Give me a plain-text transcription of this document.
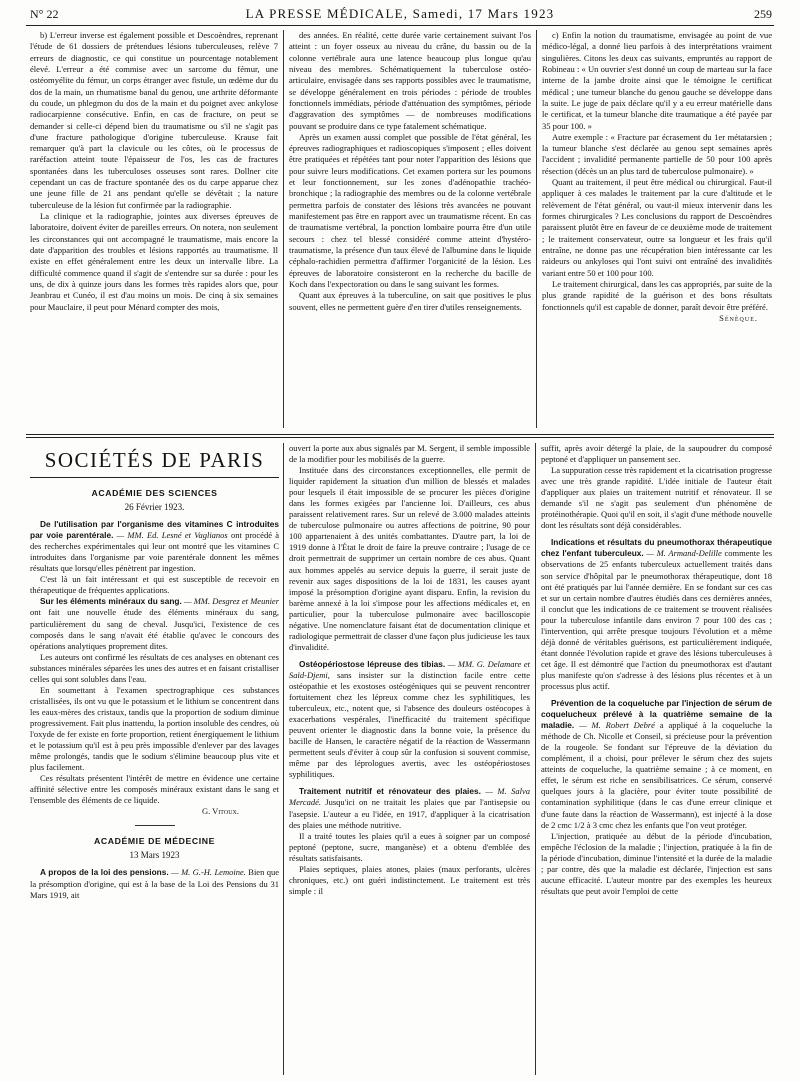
N° 22	LA PRESSE MÉDICALE, Samedi, 17 Mars 1923	259

b) L'erreur inverse est également possible et Descoèndres, reprenant l'étude de 61 dossiers de prétendues lésions tuberculeuses, relève 7 erreurs de diagnostic, ce qui constitue un pourcentage notablement élevé. L'erreur a été commise avec un sarcome du fémur, une ostéomyélite du fémur, un corps étranger avec fistule, un œdème dur du dos de la main, un rhumatisme banal du genou, une arthrite déformante du coude, un phlegmon du dos de la main et du poignet avec ankylose radiocarpienne consécutive. Enfin, en cas de fracture, on peut se demander si celle-ci dépend bien du traumatisme ou s'il ne s'agit pas d'une fracture pathologique d'origine tuberculeuse. Krause fait remarquer qu'à part la clavicule ou les côtes, où le processus de raréfaction atteint toute l'épaisseur de l'os, les cas de fractures spontanées dans les tuberculoses osseuses sont rares. Dollner cite cependant un cas de fracture spontanée des os du carpe apparue chez une jeune fille de 21 ans pendant qu'elle se dévêtait ; la nature tuberculeuse de la lésion fut confirmée par la radiographie.

La clinique et la radiographie, jointes aux diverses épreuves de laboratoire, doivent éviter de pareilles erreurs. On notera, non seulement les circonstances qui ont accompagné le traumatisme, mais encore la date d'apparition des troubles et lésions rapportés au traumatisme. Il existe en effet généralement entre les deux un intervalle libre. La difficulté commence quand il s'agit de s'entendre sur sa durée : pour les uns, de dix à quinze jours dans les formes très rapides alors que, pour Jeanbrau et Cunéo, il est d'au moins un mois. De cinq à six semaines pour Mauclaire, il peut pour Ménard compter des mois,

des années. En réalité, cette durée varie certainement suivant l'os atteint : un foyer osseux au niveau du crâne, du bassin ou de la colonne vertébrale aura une latence beaucoup plus longue qu'au niveau des membres. Schématiquement la tuberculose ostéo-articulaire, envisagée dans ses rapports possibles avec le traumatisme, se développe généralement en trois périodes : période de troubles fonctionnels immédiats, période d'atténuation des symptômes, période d'aggravation des symptômes — de nombreuses modifications pouvant se produire dans ce type fatalement schématique.

Après un examen aussi complet que possible de l'état général, les épreuves radiographiques et radioscopiques s'imposent ; elles doivent être pratiquées et répétées tant pour noter l'apparition des lésions que pour suivre leurs modifications. Cet examen portera sur les poumons et leur fonctionnement, sur les zones d'adénopathie trachéo-bronchique ; la radiographie des membres ou de la colonne vertébrale permettra parfois de constater des lésions très avancées ne pouvant manifestement pas être en rapport avec un traumatisme récent. En cas de traumatisme vertébral, la ponction lombaire pourra être d'un utile secours : chez tel blessé considéré comme atteint d'hystéro-traumatisme, la présence d'un taux élevé de l'albumine dans le liquide céphalo-rachidien permettra d'affirmer l'organicité de la lésion. Les épreuves de laboratoire consisteront en la recherche du bacille de Koch dans l'expectoration ou dans le sang suivant les formes.

Quant aux épreuves à la tuberculine, on sait que positives le plus souvent, elles ne permettent guère d'en tirer d'utiles renseignements.

c) Enfin la notion du traumatisme, envisagée au point de vue médico-légal, a donné lieu parfois à des interprétations vraiment singulières. Citons les deux cas suivants, empruntés au rapport de Robineau : « Un ouvrier s'est donné un coup de marteau sur la face interne de la jambe droite ainsi que le témoigne le certificat médical ; une tumeur blanche du genou gauche se développe dans la suite. Le juge de paix déclare qu'il y a eu erreur matérielle dans le certificat, et la tumeur blanche dite traumatique a été payée par 35 pour 100. »

Autre exemple : « Fracture par écrasement du 1er métatarsien ; la tumeur blanche s'est déclarée au genou sept semaines après l'accident ; invalidité permanente partielle de 50 pour 100 après résection (décès un an plus tard de tuberculose pulmonaire). »

Quant au traitement, il peut être médical ou chirurgical. Faut-il appliquer à ces malades le traitement par la cure d'altitude et le relèvement de l'état général, ou vaut-il mieux intervenir dans les formes chirurgicales ? Les conclusions du rapport de Descoèndres paraissent plutôt être en faveur de ce deuxième mode de traitement ; le traitement conservateur, outre sa longueur et les frais qu'il entraîne, ne donne pas une récupération bien intéressante car les raideurs ou ankyloses qui l'ont suivi ont entraîné des invalidités variant entre 50 et 100 pour 100.

Le traitement chirurgical, dans les cas appropriés, par suite de la plus grande rapidité de la guérison et des bons résultats fonctionnels qu'il est capable de donner, paraît devoir être préféré.

Sénèque.
SOCIÉTÉS DE PARIS
ACADÉMIE DES SCIENCES
26 Février 1923.

De l'utilisation par l'organisme des vitamines C introduites par voie parentérale. — MM. Ed. Lesné et Vaglianos ont procédé à des recherches expérimentales qui leur ont montré que les vitamines C introduites dans l'organisme par voie parentérale donnent les mêmes résultats que lorsqu'elles pénètrent par ingestion.

C'est là un fait intéressant et qui est susceptible de recevoir en thérapeutique de fréquentes applications.

Sur les éléments minéraux du sang. — MM. Desgrez et Meunier ont fait une nouvelle étude des éléments minéraux du sang, particulièrement du sang de cheval. Jusqu'ici, l'existence de ces composés dans le sang n'avait été établie qu'avec le concours des opérations analytiques proprement dites.

Les auteurs ont confirmé les résultats de ces analyses en obtenant ces substances minérales séparées les unes des autres et en faisant cristalliser celles qui sont solubles dans l'eau.

En soumettant à l'examen spectrographique ces substances cristallisées, ils ont vu que le potassium et le lithium se concentrent dans les eaux-mères des cristaux, tandis que la proportion de sodium diminue progressivement. Fait plus inattendu, la portion insoluble des cendres, où l'oxyde de fer existe en forte proportion, retient énergiquement le lithium et le potassium qu'il est à peu près impossible d'enlever par des lavages même prolongés, tandis que le sodium s'élimine beaucoup plus vite et plus facilement.

Ces résultats présentent l'intérêt de mettre en évidence une certaine affinité sélective entre les composés minéraux existant dans le sang et l'ensemble des éléments de ce liquide.

G. Vitoux.
ACADÉMIE DE MÉDECINE
13 Mars 1923

A propos de la loi des pensions. — M. G.-H. Lemoine. Bien que la présomption d'origine, qui est à la base de la Loi des Pensions du 31 Mars 1919, ait

ouvert la porte aux abus signalés par M. Sergent, il semble impossible de la modifier pour les mobilisés de la guerre.

Instituée dans des circonstances exceptionnelles, elle permit de liquider rapidement la situation d'un million de blessés et malades pour lesquels il était impossible de se procurer les pièces d'origine dans les formes exigées par l'ancienne loi. D'ailleurs, ces abus paraissent relativement rares. Sur un relevé de 3.000 malades atteints de tuberculose pulmonaire ou autres affections de poitrine, 90 pour 100 appartenaient à des unités combattantes. D'autre part, la loi de 1919 donne à l'État le droit de faire la preuve contraire ; l'usage de ce droit permettrait de supprimer un certain nombre de ces abus. Quant aux hommes appelés au service depuis la guerre, il serait juste de revenir aux sages dispositions de la loi de 1831, les causes ayant imposé la présomption d'origine ayant disparu. Enfin, la revision du barème annexé à la loi s'impose pour les affections médicales et, en particulier, pour la tuberculose pulmonaire avec bacilloscopie négative. Une nomenclature faisant état de documentation clinique et radiologique permettrait de classer d'une façon plus judicieuse les taux d'invalidité.

Ostéopériostose lépreuse des tibias. — MM. G. Delamare et Saïd-Djemi, sans insister sur la distinction facile entre cette ostéopathie et les exostoses ostéogéniques qui se peuvent rencontrer fortuitement chez les lépreux comme chez les syphilitiques, les tuberculeux, etc., notent que, si l'absence des douleurs ostéocopes à exacerbations vespérales, l'inefficacité du traitement spécifique peuvent orienter le diagnostic dans la bonne voie, la présence du bacille de Hansen, le caractère négatif de la réaction de Wassermann permettent seuls d'éviter à coup sûr la confusion si souvent commise, même par des léprologues avertis, avec les ostéopériostoses syphilitiques.

Traitement nutritif et rénovateur des plaies. — M. Salva Mercadé. Jusqu'ici on ne traitait les plaies que par l'antisepsie ou l'asepsie. L'auteur a eu l'idée, en 1917, d'appliquer à la cicatrisation des plaies une méthode nutritive.

Il a traité toutes les plaies qu'il a eues à soigner par un composé peptoné (peptone, sucre, manganèse) et a obtenu d'emblée des résultats satisfaisants.

Plaies septiques, plaies atones, plaies (maux perforants, ulcères chroniques, etc.) ont guéri indistinctement. Le traitement est très simple : il

suffit, après avoir détergé la plaie, de la saupoudrer du composé peptoné et d'appliquer un pansement sec.

La suppuration cesse très rapidement et la cicatrisation progresse avec une très grande rapidité. L'idée initiale de l'auteur était d'appliquer aux plaies un traitement nutritif et rénovateur. Il se demande s'il ne s'agit pas seulement d'un phénomène de protéinothérapie. Quoi qu'il en soit, il s'agit d'une méthode nouvelle dont les résultats sont déjà considérables.

Indications et résultats du pneumothorax thérapeutique chez l'enfant tuberculeux. — M. Armand-Delille commente les observations de 25 enfants tuberculeux actuellement traités dans son service d'hôpital par le pneumothorax thérapeutique, dont 18 ont été pratiqués par lui l'année dernière. En se fondant sur ces cas et sur un certain nombre d'autres étudiés dans ces dernières années, il conclut que les indications de ce traitement se trouvent réalisées pour la tuberculose infantile dans environ 7 pour 100 des cas ; l'intervention, qui arrête presque toujours l'évolution et a même déjà donné de véritables guérisons, est particulièrement indiquée, étant donnée l'évolution rapide et grave des lésions tuberculeuses à cet âge. Il est démontré que l'action du pneumothorax est d'autant plus manifeste qu'on s'adresse à des lésions plus récentes et à un processus plus actif.

Prévention de la coqueluche par l'injection de sérum de coquelucheux prélevé à la quatrième semaine de la maladie. — M. Robert Debré a appliqué à la coqueluche la méthode de Ch. Nicolle et Conseil, si précieuse pour la prévention de la rougeole. Se fondant sur l'épreuve de la déviation du complément, il a choisi, pour prélever le sérum chez des sujets atteints de coqueluche, la quatrième semaine ; à ce moment, en effet, le sérum est riche en sensibilisatrices. Ce sérum, conservé quelques jours à la glacière, pour éviter toute possibilité de contamination syphilitique (dans le cas d'une erreur clinique et d'une faute dans la réaction de Wassermann), est injecté à la dose de 2 cmc 1/2 à 3 cmc chez les enfants que l'on veut protéger.

L'injection, pratiquée au début de la période d'incubation, empêche l'éclosion de la maladie ; l'injection, pratiquée à la fin de la période d'incubation, diminue l'intensité et la durée de la maladie ; par contre, dès que la maladie est déclarée, l'injection est sans aucune efficacité. L'auteur montre par des exemples les heureux résultats que peut avoir l'emploi de cette
